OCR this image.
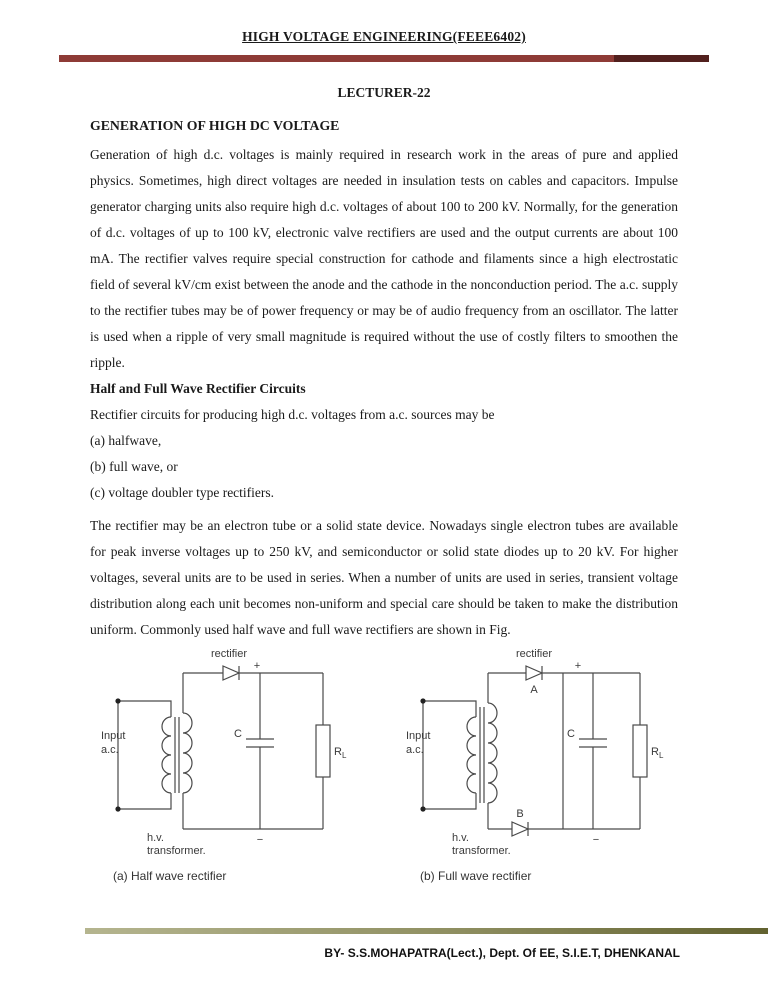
HIGH VOLTAGE ENGINEERING(FEEE6402)
LECTURER-22
GENERATION OF HIGH DC VOLTAGE

Generation of high d.c. voltages is mainly required in research work in the areas of pure and applied physics. Sometimes, high direct voltages are needed in insulation tests on cables and capacitors. Impulse generator charging units also require high d.c. voltages of about 100 to 200 kV. Normally, for the generation of d.c. voltages of up to 100 kV, electronic valve rectifiers are used and the output currents are about 100 mA. The rectifier valves require special construction for cathode and filaments since a high electrostatic field of several kV/cm exist between the anode and the cathode in the nonconduction period. The a.c. supply to the rectifier tubes may be of power frequency or may be of audio frequency from an oscillator. The latter is used when a ripple of very small magnitude is required without the use of costly filters to smoothen the ripple.

Half and Full Wave Rectifier Circuits
Rectifier circuits for producing high d.c. voltages from a.c. sources may be
(a) halfwave,
(b) full wave, or
(c) voltage doubler type rectifiers.

The rectifier may be an electron tube or a solid state device. Nowadays single electron tubes are available for peak inverse voltages up to 250 kV, and semiconductor or solid state diodes up to 20 kV. For higher voltages, several units are to be used in series. When a number of units are used in series, transient voltage distribution along each unit becomes non-uniform and special care should be taken to make the distribution uniform. Commonly used half wave and full wave rectifiers are shown in Fig.

Input
a.c.
rectifier
+
C
$R_L$
−
h.v.
transformer.
(a) Half wave rectifier
Input
a.c.
rectifier
A
+
B
C
$R_L$
−
h.v.
transformer.
(b) Full wave rectifier
BY- S.S.MOHAPATRA(Lect.), Dept. Of EE, S.I.E.T, DHENKANAL
